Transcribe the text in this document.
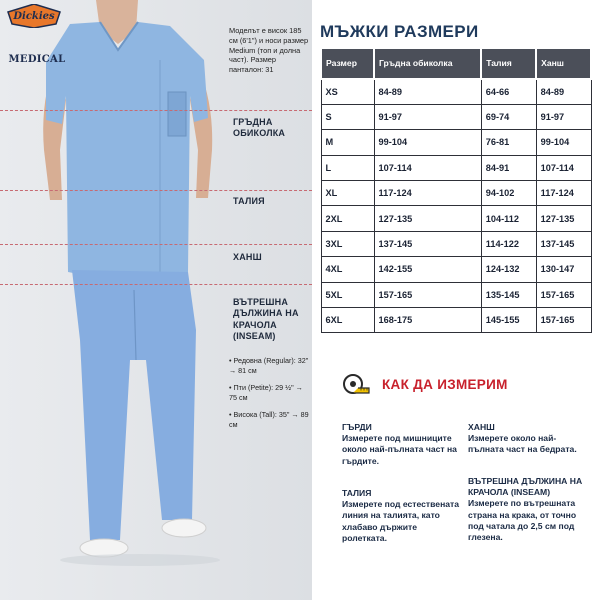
Dickies
MEDICAL
Моделът е висок 185 см (6'1") и носи размер Medium (топ и долна част). Размер панталон: 31
ГРЪДНА ОБИКОЛКА
ТАЛИЯ
ХАНШ
ВЪТРЕШНА ДЪЛЖИНА НА КРАЧОЛА (INSEAM)
• Редовна (Regular): 32" → 81 см
• Пти (Petite): 29 ½" → 75 см
• Висока (Tall): 35" → 89 см
МЪЖКИ РАЗМЕРИ
Размер	Гръдна обиколка	Талия	Ханш
XS	84-89	64-66	84-89
S	91-97	69-74	91-97
M	99-104	76-81	99-104
L	107-114	84-91	107-114
XL	117-124	94-102	117-124
2XL	127-135	104-112	127-135
3XL	137-145	114-122	137-145
4XL	142-155	124-132	130-147
5XL	157-165	135-145	157-165
6XL	168-175	145-155	157-165
КАК ДА ИЗМЕРИМ
ГЪРДИ
Измерете под мишниците около най-пълната част на гърдите.
ХАНШ
Измерете около най-пълната част на бедрата.
ТАЛИЯ
Измерете под естествената линия на талията, като хлабаво държите ролетката.
ВЪТРЕШНА ДЪЛЖИНА НА КРАЧОЛА (INSEAM)
Измерете по вътрешната страна на крака, от точно под чатала до 2,5 см под глезена.
